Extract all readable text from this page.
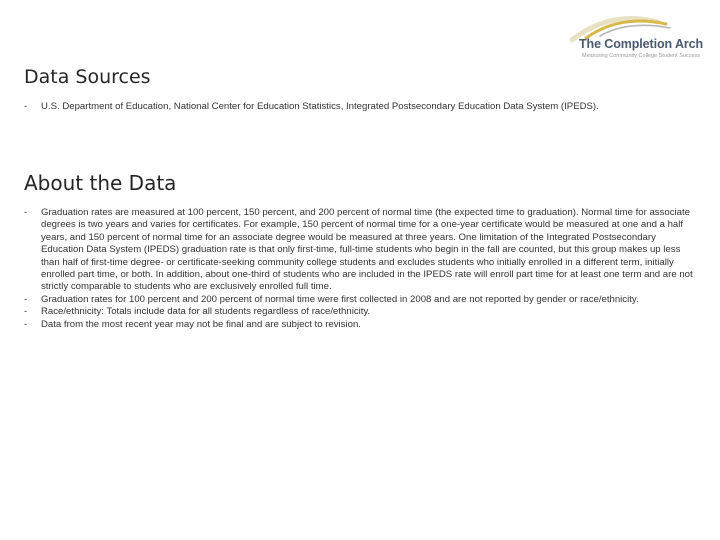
The Completion Arch
Measuring Community College Student Success
Data Sources
- U.S. Department of Education, National Center for Education Statistics, Integrated Postsecondary Education Data System (IPEDS).
About the Data
- Graduation rates are measured at 100 percent, 150 percent, and 200 percent of normal time (the expected time to graduation). Normal time for associate degrees is two years and varies for certificates. For example, 150 percent of normal time for a one-year certificate would be measured at one and a half years, and 150 percent of normal time for an associate degree would be measured at three years. One limitation of the Integrated Postsecondary Education Data System (IPEDS) graduation rate is that only first-time, full-time students who begin in the fall are counted, but this group makes up less than half of first-time degree- or certificate-seeking community college students and excludes students who initially enrolled in a different term, initially enrolled part time, or both. In addition, about one-third of students who are included in the IPEDS rate will enroll part time for at least one term and are not strictly comparable to students who are exclusively enrolled full time.
- Graduation rates for 100 percent and 200 percent of normal time were first collected in 2008 and are not reported by gender or race/ethnicity.
- Race/ethnicity: Totals include data for all students regardless of race/ethnicity.
- Data from the most recent year may not be final and are subject to revision.
